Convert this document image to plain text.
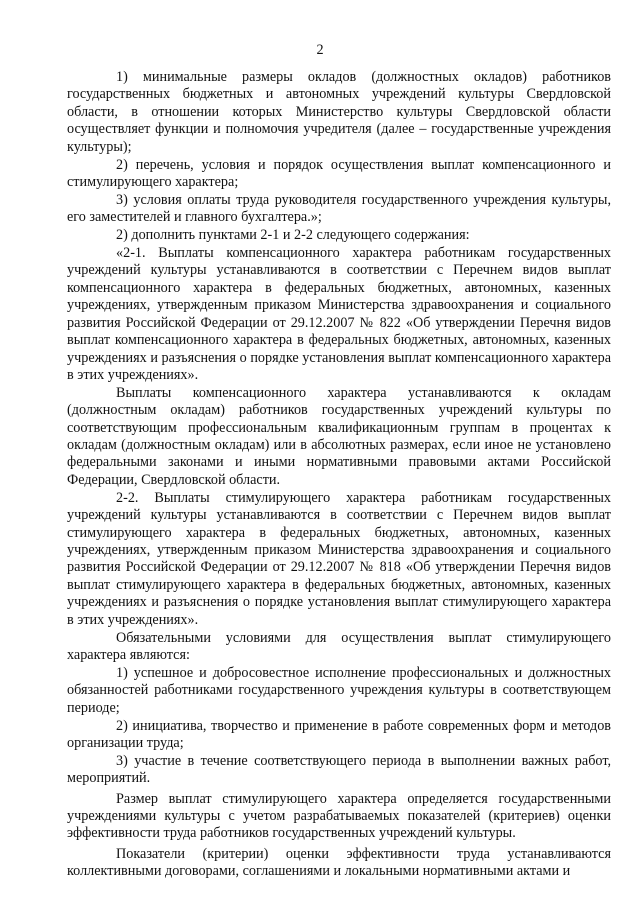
2

1) минимальные размеры окладов (должностных окладов) работников государственных бюджетных и автономных учреждений культуры Свердловской области, в отношении которых Министерство культуры Свердловской области осуществляет функции и полномочия учредителя (далее – государственные учреждения культуры);

2) перечень, условия и порядок осуществления выплат компенсационного и стимулирующего характера;

3) условия оплаты труда руководителя государственного учреждения культуры, его заместителей и главного бухгалтера.»;

2) дополнить пунктами 2-1 и 2-2 следующего содержания:

«2-1. Выплаты компенсационного характера работникам государственных учреждений культуры устанавливаются в соответствии с Перечнем видов выплат компенсационного характера в федеральных бюджетных, автономных, казенных учреждениях, утвержденным приказом Министерства здравоохранения и социального развития Российской Федерации от 29.12.2007 № 822 «Об утверждении Перечня видов выплат компенсационного характера в федеральных бюджетных, автономных, казенных учреждениях и разъяснения о порядке установления выплат компенсационного характера в этих учреждениях».

Выплаты компенсационного характера устанавливаются к окладам (должностным окладам) работников государственных учреждений культуры по соответствующим профессиональным квалификационным группам в процентах к окладам (должностным окладам) или в абсолютных размерах, если иное не установлено федеральными законами и иными нормативными правовыми актами Российской Федерации, Свердловской области.

2-2. Выплаты стимулирующего характера работникам государственных учреждений культуры устанавливаются в соответствии с Перечнем видов выплат стимулирующего характера в федеральных бюджетных, автономных, казенных учреждениях, утвержденным приказом Министерства здравоохранения и социального развития Российской Федерации от 29.12.2007 № 818 «Об утверждении Перечня видов выплат стимулирующего характера в федеральных бюджетных, автономных, казенных учреждениях и разъяснения о порядке установления выплат стимулирующего характера в этих учреждениях».

Обязательными условиями для осуществления выплат стимулирующего характера являются:

1) успешное и добросовестное исполнение профессиональных и должностных обязанностей работниками государственного учреждения культуры в соответствующем периоде;

2) инициатива, творчество и применение в работе современных форм и методов организации труда;

3) участие в течение соответствующего периода в выполнении важных работ, мероприятий.

Размер выплат стимулирующего характера определяется государственными учреждениями культуры с учетом разрабатываемых показателей (критериев) оценки эффективности труда работников государственных учреждений культуры.

Показатели (критерии) оценки эффективности труда устанавливаются коллективными договорами, соглашениями и локальными нормативными актами и
